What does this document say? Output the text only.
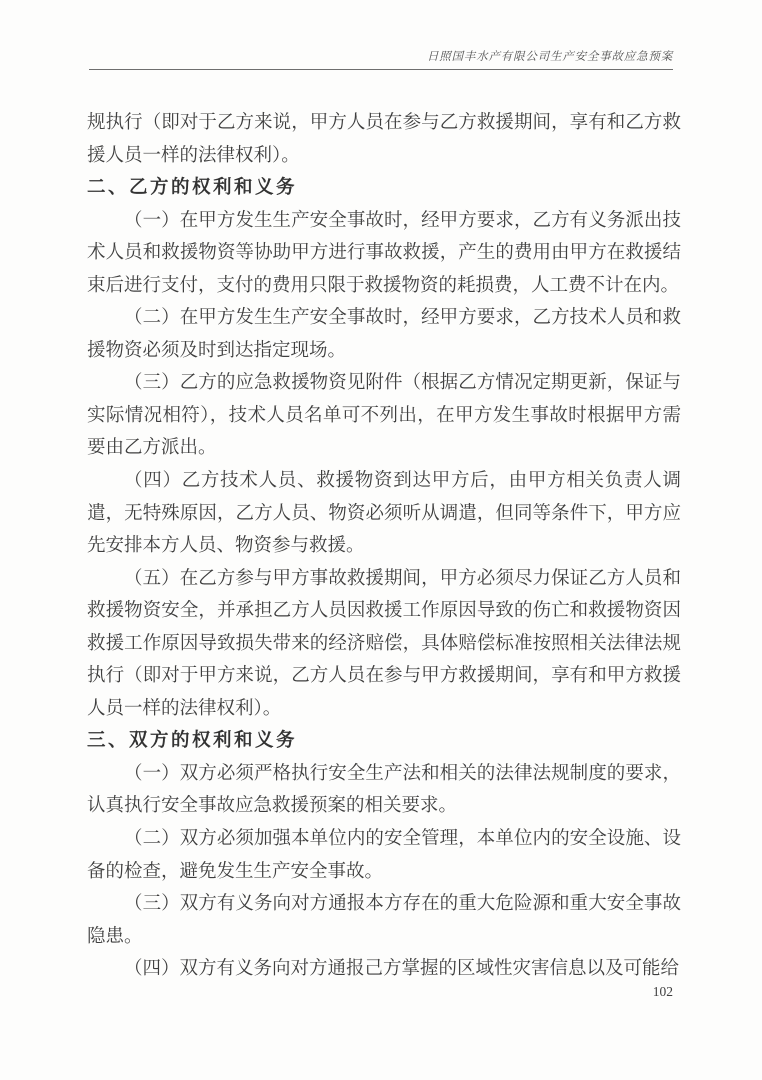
日照国丰水产有限公司生产安全事故应急预案

规执行（即对于乙方来说，甲方人员在参与乙方救援期间，享有和乙方救援人员一样的法律权利）。

二、乙方的权利和义务

（一）在甲方发生生产安全事故时，经甲方要求，乙方有义务派出技术人员和救援物资等协助甲方进行事故救援，产生的费用由甲方在救援结束后进行支付，支付的费用只限于救援物资的耗损费，人工费不计在内。

（二）在甲方发生生产安全事故时，经甲方要求，乙方技术人员和救援物资必须及时到达指定现场。

（三）乙方的应急救援物资见附件（根据乙方情况定期更新，保证与实际情况相符），技术人员名单可不列出，在甲方发生事故时根据甲方需要由乙方派出。

（四）乙方技术人员、救援物资到达甲方后，由甲方相关负责人调遣，无特殊原因，乙方人员、物资必须听从调遣，但同等条件下，甲方应先安排本方人员、物资参与救援。

（五）在乙方参与甲方事故救援期间，甲方必须尽力保证乙方人员和救援物资安全，并承担乙方人员因救援工作原因导致的伤亡和救援物资因救援工作原因导致损失带来的经济赔偿，具体赔偿标准按照相关法律法规执行（即对于甲方来说，乙方人员在参与甲方救援期间，享有和甲方救援人员一样的法律权利）。

三、双方的权利和义务

（一）双方必须严格执行安全生产法和相关的法律法规制度的要求，认真执行安全事故应急救援预案的相关要求。

（二）双方必须加强本单位内的安全管理，本单位内的安全设施、设备的检查，避免发生生产安全事故。

（三）双方有义务向对方通报本方存在的重大危险源和重大安全事故隐患。

（四）双方有义务向对方通报己方掌握的区域性灾害信息以及可能给

102
